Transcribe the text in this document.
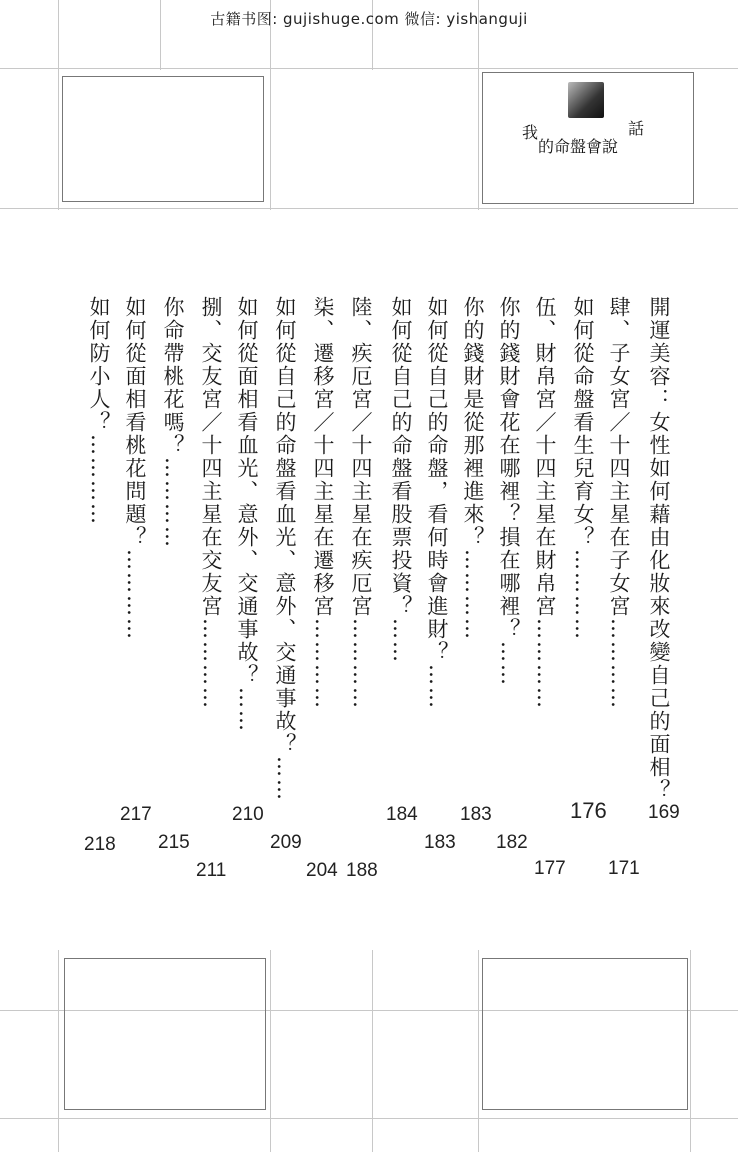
古籍书图: gujishuge.com 微信: yishanguji
我
的命盤會說
話
開運美容：女性如何藉由化妝來改變自己的面相？
169
肆、子女宮／十四主星在子女宮…………
171
如何從命盤看生兒育女？…………
176
伍、財帛宮／十四主星在財帛宮…………
177
你的錢財會花在哪裡？損在哪裡？……
182
你的錢財是從那裡進來？…………
183
如何從自己的命盤，看何時會進財？……
183
如何從自己的命盤看股票投資？……
184
陸、疾厄宮／十四主星在疾厄宮…………
188
柒、遷移宮／十四主星在遷移宮…………
204
如何從自己的命盤看血光、意外、交通事故？……
209
如何從面相看血光、意外、交通事故？……
210
捌、交友宮／十四主星在交友宮…………
211
你命帶桃花嗎？…………
215
如何從面相看桃花問題？…………
217
如何防小人？…………
218
